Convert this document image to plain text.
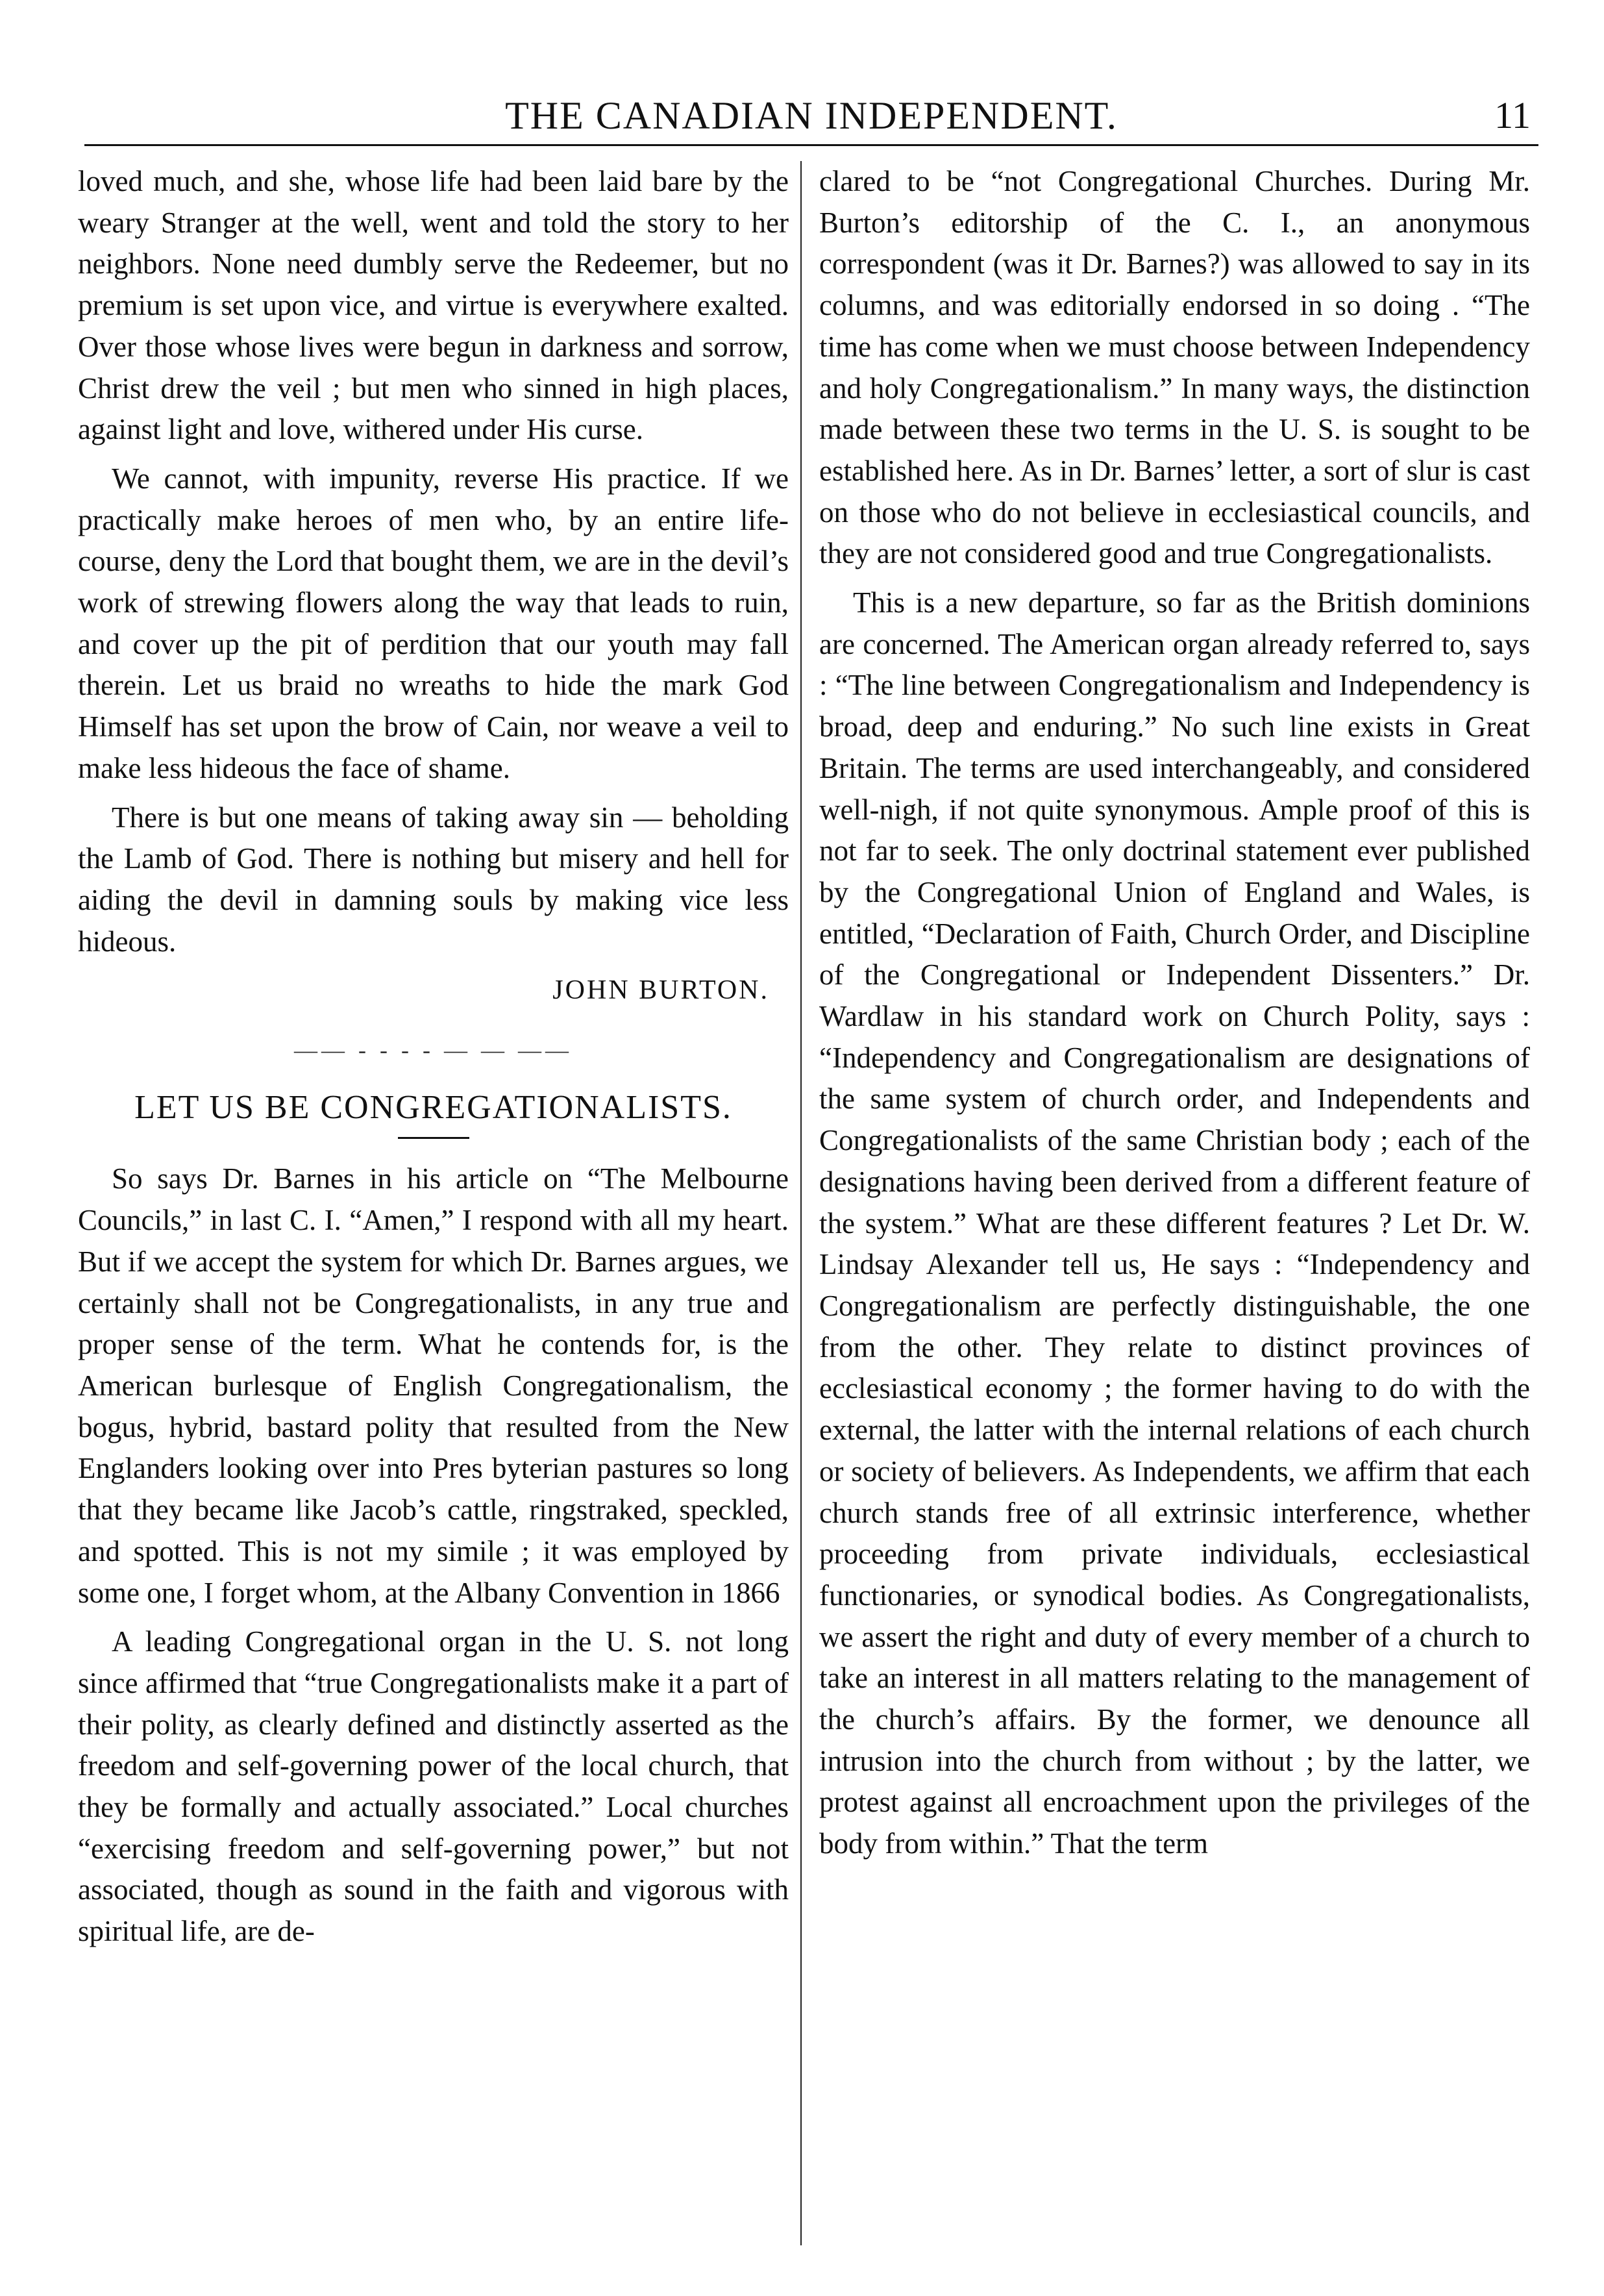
THE CANADIAN INDEPENDENT.	11

loved much, and she, whose life had been laid bare by the weary Stranger at the well, went and told the story to her neighbors. None need dumbly serve the Redeemer, but no premium is set upon vice, and virtue is everywhere exalted. Over those whose lives were begun in darkness and sorrow, Christ drew the veil ; but men who sinned in high places, against light and love, withered under His curse.

We cannot, with impunity, reverse His practice. If we practically make heroes of men who, by an entire life-course, deny the Lord that bought them, we are in the devil’s work of strewing flowers along the way that leads to ruin, and cover up the pit of perdition that our youth may fall therein. Let us braid no wreaths to hide the mark God Himself has set upon the brow of Cain, nor weave a veil to make less hideous the face of shame.

There is but one means of taking away sin — beholding the Lamb of God. There is nothing but misery and hell for aiding the devil in damning souls by making vice less hideous.

JOHN BURTON.
—— - - - - — — ——
LET US BE CONGREGATIONALISTS.

So says Dr. Barnes in his article on “The Melbourne Councils,” in last C. I. “Amen,” I respond with all my heart. But if we accept the system for which Dr. Barnes argues, we certainly shall not be Congregationalists, in any true and proper sense of the term. What he contends for, is the American burlesque of English Congregationalism, the bogus, hybrid, bastard polity that resulted from the New Englanders looking over into Pres byterian pastures so long that they became like Jacob’s cattle, ringstraked, speckled, and spotted. This is not my simile ; it was employed by some one, I forget whom, at the Albany Convention in 1866

A leading Congregational organ in the U. S. not long since affirmed that “true Congregationalists make it a part of their polity, as clearly defined and distinctly asserted as the freedom and self-governing power of the local church, that they be formally and actually associated.” Local churches “exercising freedom and self-governing power,” but not associated, though as sound in the faith and vigorous with spiritual life, are de-

clared to be “not Congregational Churches. During Mr. Burton’s editorship of the C. I., an anonymous correspondent (was it Dr. Barnes?) was allowed to say in its columns, and was editorially endorsed in so doing . “The time has come when we must choose between Independency and holy Congregationalism.” In many ways, the distinction made between these two terms in the U. S. is sought to be established here. As in Dr. Barnes’ letter, a sort of slur is cast on those who do not believe in ecclesiastical councils, and they are not considered good and true Congregationalists.

This is a new departure, so far as the British dominions are concerned. The American organ already referred to, says : “The line between Congregationalism and Independency is broad, deep and enduring.” No such line exists in Great Britain. The terms are used interchangeably, and considered well-nigh, if not quite synonymous. Ample proof of this is not far to seek. The only doctrinal statement ever published by the Congregational Union of England and Wales, is entitled, “Declaration of Faith, Church Order, and Discipline of the Congregational or Independent Dissenters.” Dr. Wardlaw in his standard work on Church Polity, says : “Independency and Congregationalism are designations of the same system of church order, and Independents and Congregationalists of the same Christian body ; each of the designations having been derived from a different feature of the system.” What are these different features ? Let Dr. W. Lindsay Alexander tell us, He says : “Independency and Congregationalism are perfectly distinguishable, the one from the other. They relate to distinct provinces of ecclesiastical economy ; the former having to do with the external, the latter with the internal relations of each church or society of believers. As Independents, we affirm that each church stands free of all extrinsic interference, whether proceeding from private individuals, ecclesiastical functionaries, or synodical bodies. As Congregationalists, we assert the right and duty of every member of a church to take an interest in all matters relating to the management of the church’s affairs. By the former, we denounce all intrusion into the church from without ; by the latter, we protest against all encroachment upon the privileges of the body from within.” That the term
